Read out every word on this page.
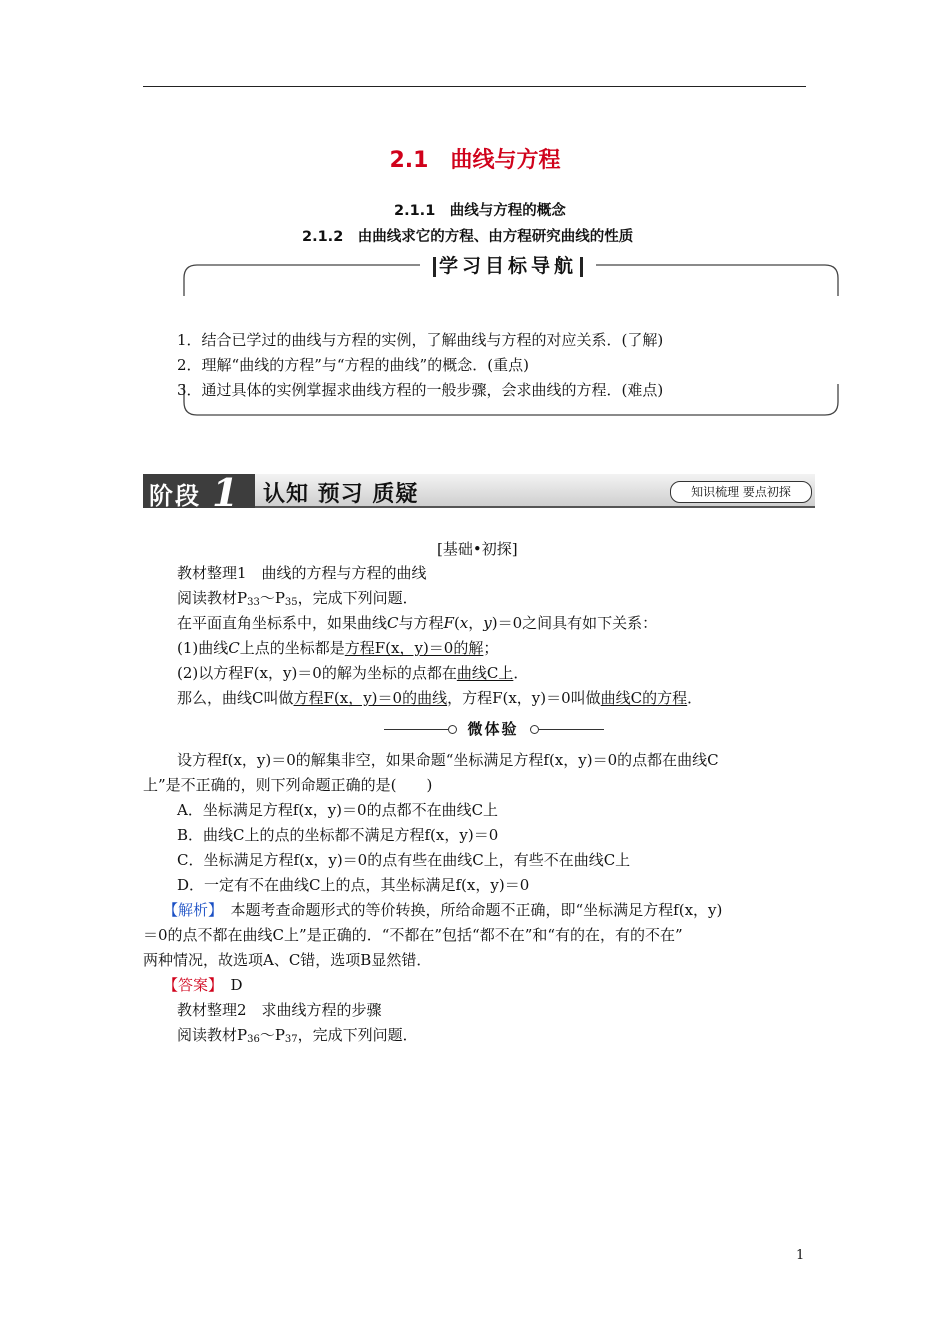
2.1　曲线与方程
2.1.1　曲线与方程的概念
2.1.2　由曲线求它的方程、由方程研究曲线的性质
学习目标导航
1．结合已学过的曲线与方程的实例，了解曲线与方程的对应关系．(了解)
2．理解“曲线的方程”与“方程的曲线”的概念．(重点)
3．通过具体的实例掌握求曲线方程的一般步骤，会求曲线的方程．(难点)
阶段 1 认知 预习 质疑	知识梳理 要点初探
[基础•初探]
教材整理1　曲线的方程与方程的曲线
阅读教材$P_{33}\sim P_{35}$，完成下列问题．
在平面直角坐标系中，如果曲线C与方程F(x，y)＝0之间具有如下关系：
(1)曲线C上点的坐标都是方程F(x，y)＝0的解；
(2)以方程F(x，y)＝0的解为坐标的点都在曲线C上．
那么，曲线C叫做方程F(x，y)＝0的曲线，方程F(x，y)＝0叫做曲线C的方程．
微体验
设方程f(x，y)＝0的解集非空，如果命题“坐标满足方程f(x，y)＝0的点都在曲线C
上”是不正确的，则下列命题正确的是(　　)
A．坐标满足方程f(x，y)＝0的点都不在曲线C上
B．曲线C上的点的坐标都不满足方程f(x，y)＝0
C．坐标满足方程f(x，y)＝0的点有些在曲线C上，有些不在曲线C上
D．一定有不在曲线C上的点，其坐标满足f(x，y)＝0
【解析】　本题考查命题形式的等价转换，所给命题不正确，即“坐标满足方程f(x，y)
＝0的点不都在曲线C上”是正确的．“不都在”包括“都不在”和“有的在，有的不在”
两种情况，故选项A、C错，选项B显然错．
【答案】　D
教材整理2　求曲线方程的步骤
阅读教材$P_{36}\sim P_{37}$，完成下列问题．
1
